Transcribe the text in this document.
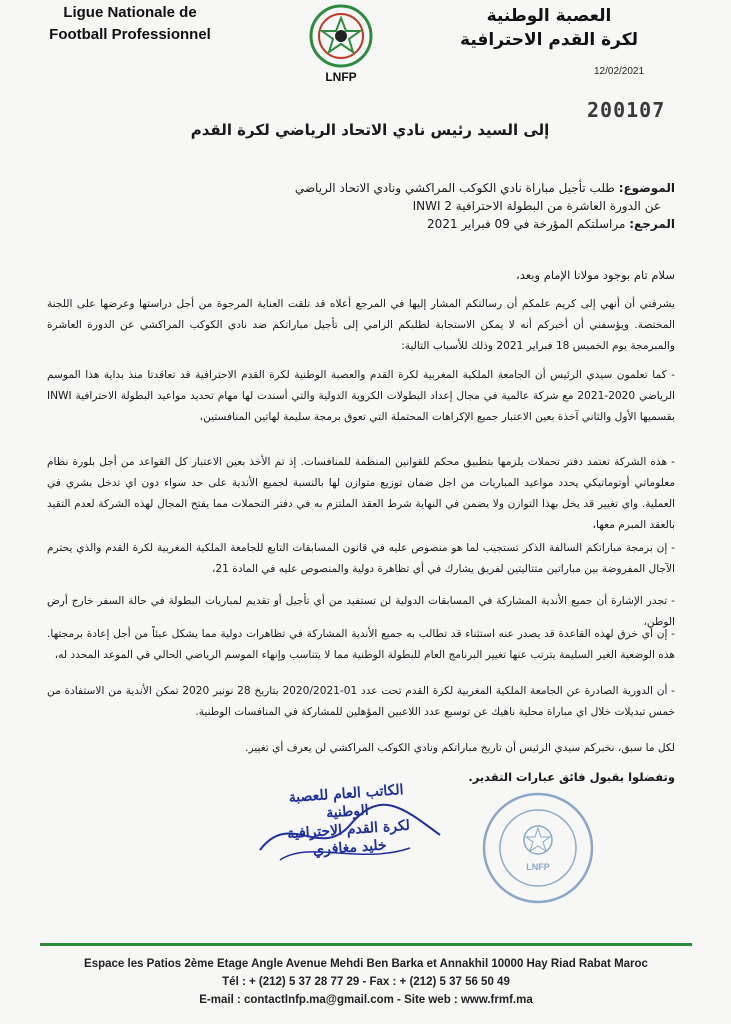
Ligue Nationale de
Football Professionnel
LNFP
العصبة الوطنية
لكرة القدم الاحترافية
12/02/2021
200107
إلى السيد رئيس نادي الاتحاد الرياضي لكرة القدم
الموضوع: طلب تأجيل مباراة نادي الكوكب المراكشي ونادي الاتحاد الرياضي
عن الدورة العاشرة من البطولة الاحترافية INWI 2
المرجع: مراسلتكم المؤرخة في 09 فبراير 2021
سلام تام بوجود مولانا الإمام وبعد،
يشرفني أن أنهي إلى كريم علمكم أن رسالتكم المشار إليها في المرجع أعلاه قد تلقت العناية المرجوة من أجل دراستها وعرضها على اللجنة المختصة. ويؤسفني أن أخبركم أنه لا يمكن الاستجابة لطلبكم الرامي إلى تأجيل مباراتكم ضد نادي الكوكب المراكشي عن الدورة العاشرة والمبرمجة يوم الخميس 18 فبراير 2021 وذلك للأسباب التالية:
- كما تعلمون سيدي الرئيس أن الجامعة الملكية المغربية لكرة القدم والعصبة الوطنية لكرة القدم الاحترافية قد تعاقدتا منذ بداية هذا الموسم الرياضي 2020-2021 مع شركة عالمية في مجال إعداد البطولات الكروية الدولية والتي أسندت لها مهام تحديد مواعيد البطولة الاحترافية INWI بقسميها الأول والثاني آخذة بعين الاعتبار جميع الإكراهات المحتملة التي تعوق برمجة سليمة لهاتين المنافستين،
- هذه الشركة تعتمد دفتر تحملات يلزمها بتطبيق محكم للقوانين المنظمة للمنافسات. إذ تم الأخذ بعين الاعتبار كل القواعد من أجل بلورة نظام معلوماتي أوتوماتيكي يحدد مواعيد المباريات من اجل ضمان توزيع متوازن لها بالنسبة لجميع الأندية على حد سواء دون اي تدخل بشري في العملية. واي تغيير قد يخل بهذا التوازن ولا يضمن في النهاية شرط العقد الملتزم به في دفتر التحملات مما يفتح المجال لهذه الشركة لعدم التقيد بالعقد المبرم معها،
- إن برمجة مباراتكم السالفة الذكر تستجيب لما هو منصوص عليه في قانون المسابقات التابع للجامعة الملكية المغربية لكرة القدم والذي يحترم الآجال المفروضة بين مباراتين متتاليتين لفريق يشارك في أي تظاهرة دولية والمنصوص عليه في المادة 21،
- تجدر الإشارة أن جميع الأندية المشاركة في المسابقات الدولية لن تستفيد من أي تأجيل أو تقديم لمباريات البطولة في حالة السفر خارج أرض الوطن،
- إن أي خرق لهذه القاعدة قد يصدر عنه استثناء قد تطالب به جميع الأندية المشاركة في تظاهرات دولية مما يشكل عبئاً من أجل إعادة برمجتها. هذه الوضعية الغير السليمة يترتب عنها تغيير البرنامج العام للبطولة الوطنية مما لا يتناسب وإنهاء الموسم الرياضي الحالي في الموعد المحدد له،
- أن الدورية الصادرة عن الجامعة الملكية المغربية لكرة القدم تحت عدد 01-2020/2021 بتاريخ 28 نونبر 2020 تمكن الأندية من الاستفادة من خمس تبديلات خلال اي مباراة محلية ناهيك عن توسيع عدد اللاعبين المؤهلين للمشاركة في المنافسات الوطنية.
لكل ما سبق، نخبركم سيدي الرئيس أن تاريخ مباراتكم ونادي الكوكب المراكشي لن يعرف أي تغيير.
وتفضلوا بقبول فائق عبارات التقدير.
الكاتب العام للعصبة الوطنية
لكرة القدم الاحترافية
خليد مغافري
LNFP
Espace les Patios 2ème Etage Angle Avenue Mehdi Ben Barka et Annakhil 10000 Hay Riad Rabat Maroc
Tél : + (212) 5 37 28 77 29 - Fax : + (212) 5 37 56 50 49
E-mail : contactlnfp.ma@gmail.com - Site web : www.frmf.ma
